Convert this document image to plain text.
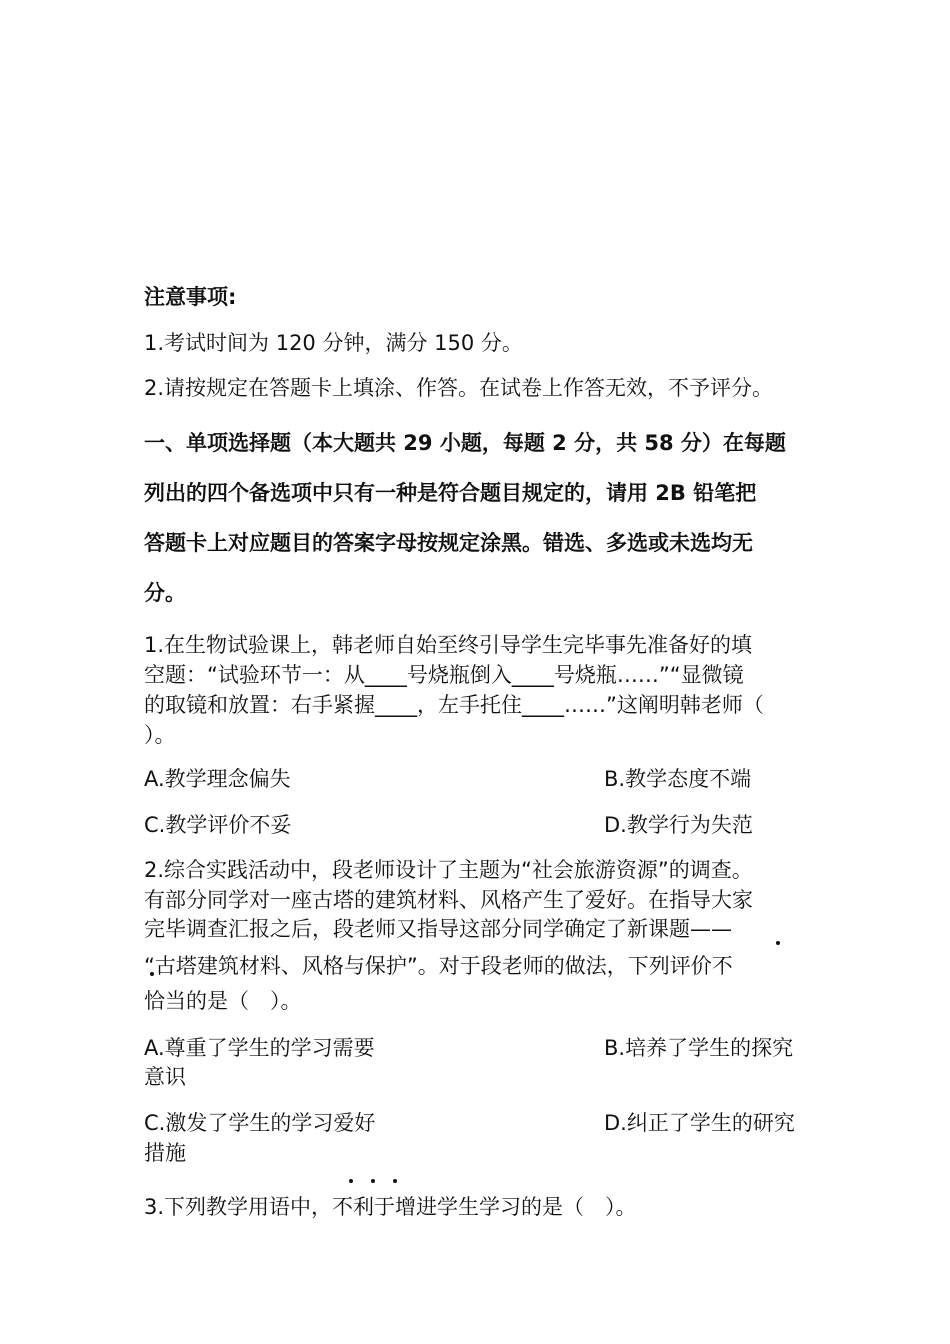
注意事项:
1.考试时间为 120 分钟，满分 150 分。
2.请按规定在答题卡上填涂、作答。在试卷上作答无效，不予评分。
一、单项选择题（本大题共 29 小题，每题 2 分，共 58 分）在每题
列出的四个备选项中只有一种是符合题目规定的，请用 2B 铅笔把
答题卡上对应题目的答案字母按规定涂黑。错选、多选或未选均无
分。
1.在生物试验课上，韩老师自始至终引导学生完毕事先准备好的填
空题：“试验环节一：从____号烧瓶倒入____号烧瓶……”“显微镜
的取镜和放置：右手紧握____，左手托住____……”这阐明韩老师（
）。
A.教学理念偏失	B.教学态度不端
C.教学评价不妥	D.教学行为失范
2.综合实践活动中，段老师设计了主题为“社会旅游资源”的调查。
有部分同学对一座古塔的建筑材料、风格产生了爱好。在指导大家
完毕调查汇报之后，段老师又指导这部分同学确定了新课题——
“古塔建筑材料、风格与保护”。对于段老师的做法，下列评价不
恰当的是（　）。
A.尊重了学生的学习需要	B.培养了学生的探究
意识
C.激发了学生的学习爱好	D.纠正了学生的研究
措施
3.下列教学用语中，不利于增进学生学习的是（　）。
